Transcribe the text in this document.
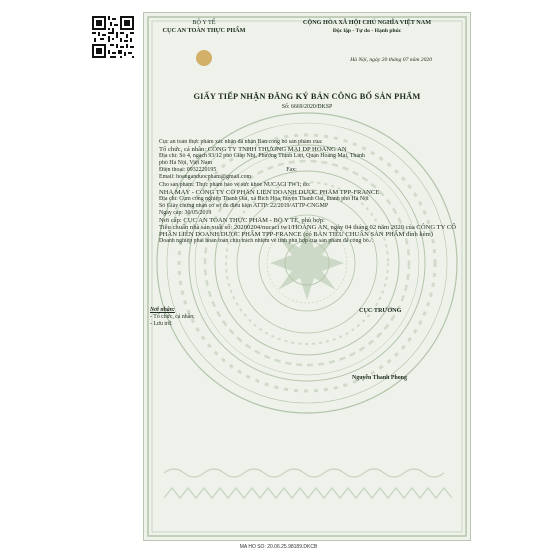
BỘ Y TẾ
CỤC AN TOÀN THỰC PHẨM
CỘNG HÒA XÃ HỘI CHỦ NGHĨA VIỆT NAM
Độc lập - Tự do - Hạnh phúc
Hà Nội, ngày 20 tháng 07 năm 2020
GIẤY TIẾP NHẬN ĐĂNG KÝ BẢN CÔNG BỐ SẢN PHẨM
Số: 6669/2020/ĐKSP
Cục an toàn thực phẩm xác nhận đã nhận Bản công bố sản phẩm của:
Tổ chức, cá nhân: CÔNG TY TNHH THƯƠNG MẠI DP HOÀNG AN
Địa chỉ: Số 4, ngách 93/12 phố Giáp Nhị, Phường Thịnh Liệt, Quận Hoàng Mai, Thành
phố Hà Nội, Việt Nam
Điện thoại: 0932220195	Fax:
Email: hoanganduocpham@gmail.com
Cho sản phẩm: Thực phẩm bảo vệ sức khỏe NUCACI TW1; do:
NHÀ MÁY - CÔNG TY CỔ PHẦN LIÊN DOANH DƯỢC PHẨM TPP-FRANCE
Địa chỉ: Cụm công nghiệp Thanh Oai, xã Bích Hòa, huyện Thanh Oai, thành phố Hà Nội
Số Giấy chứng nhận cơ sở đủ điều kiện ATTP: 22/2019/ATTP-CNGMP
Ngày cấp: 30/05/2019
Nơi cấp: CỤC AN TOÀN THỰC PHẨM - BỘ Y TẾ, phù hợp:
Tiêu chuẩn nhà sản xuất số: 20200204/nucaci tw1/HOÀNG AN, ngày 04 tháng 02 năm 2020 của CÔNG TY CỔ PHẦN LIÊN DOANH DƯỢC PHẨM TPP-FRANCE (có BẢN TIÊU CHUẨN SẢN PHẨM đính kèm)
Doanh nghiệp phải hoàn toàn chịu trách nhiệm về tính phù hợp của sản phẩm đã công bố./.
Nơi nhận:
- Tổ chức, cá nhân;
- Lưu trữ.
CỤC TRƯỞNG
Nguyễn Thanh Phong
MA HO SO: 20.06.25.98189.DKCB
